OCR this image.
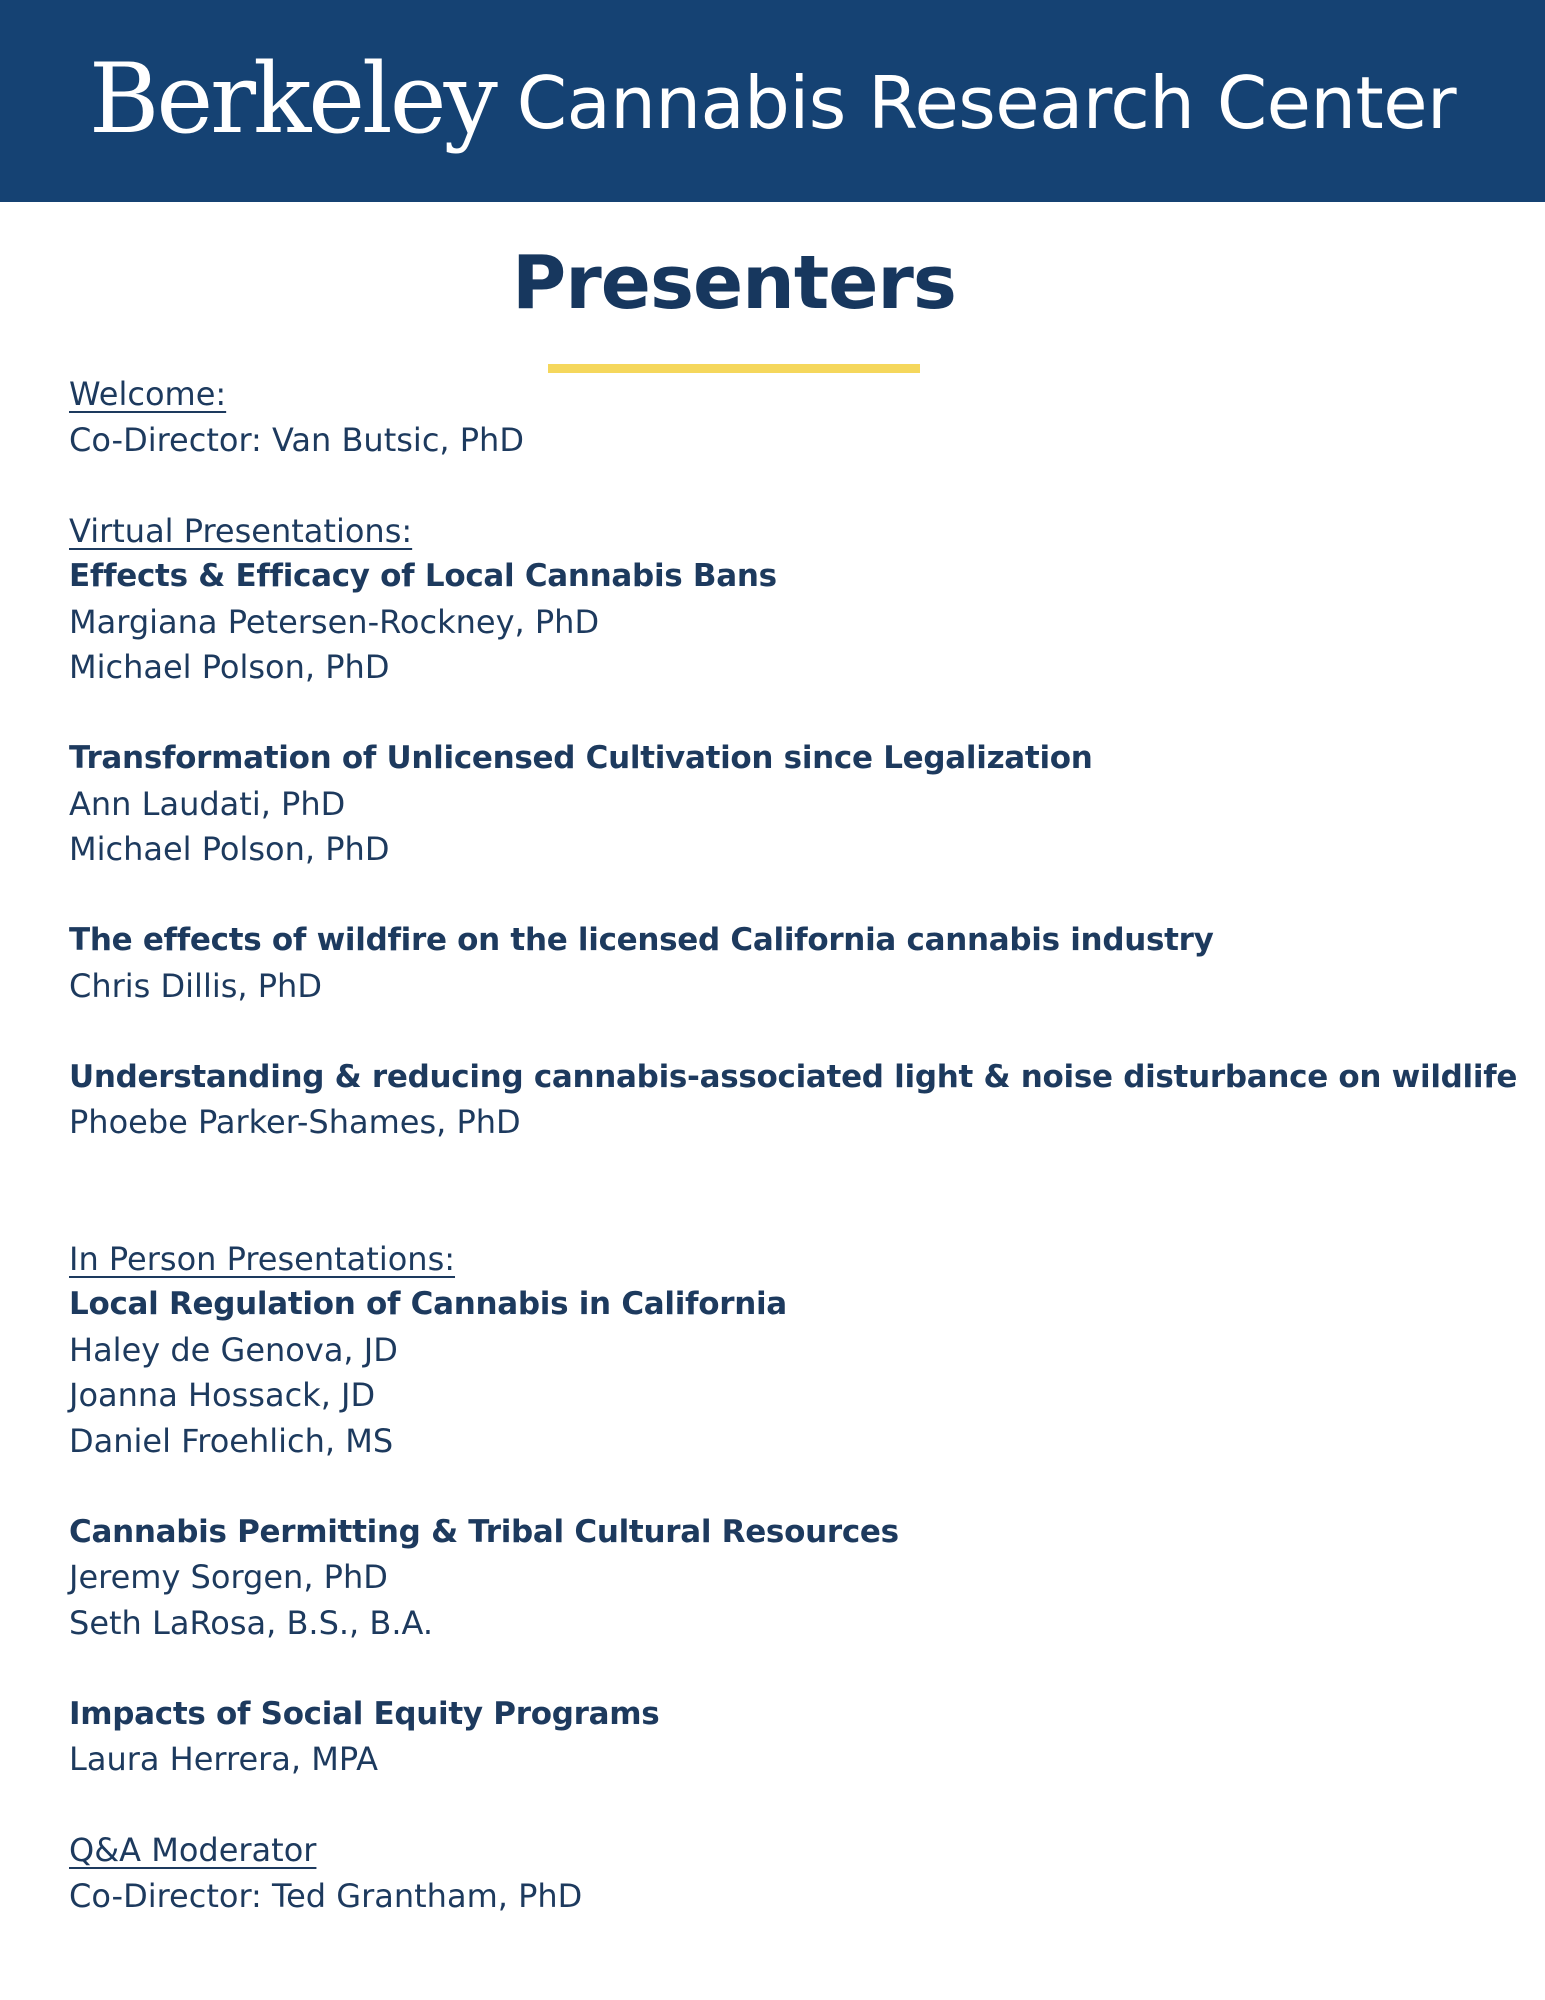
Berkeley Cannabis Research Center
Presenters
Welcome:
Co-Director: Van Butsic, PhD
Virtual Presentations:
Effects & Efficacy of Local Cannabis Bans
Margiana Petersen-Rockney, PhD
Michael Polson, PhD
Transformation of Unlicensed Cultivation since Legalization
Ann Laudati, PhD
Michael Polson, PhD
The effects of wildfire on the licensed California cannabis industry
Chris Dillis, PhD
Understanding & reducing cannabis-associated light & noise disturbance on wildlife
Phoebe Parker-Shames, PhD
In Person Presentations:
Local Regulation of Cannabis in California
Haley de Genova, JD
Joanna Hossack, JD
Daniel Froehlich, MS
Cannabis Permitting & Tribal Cultural Resources
Jeremy Sorgen, PhD
Seth LaRosa, B.S., B.A.
Impacts of Social Equity Programs
Laura Herrera, MPA
Q&A Moderator
Co-Director: Ted Grantham, PhD
